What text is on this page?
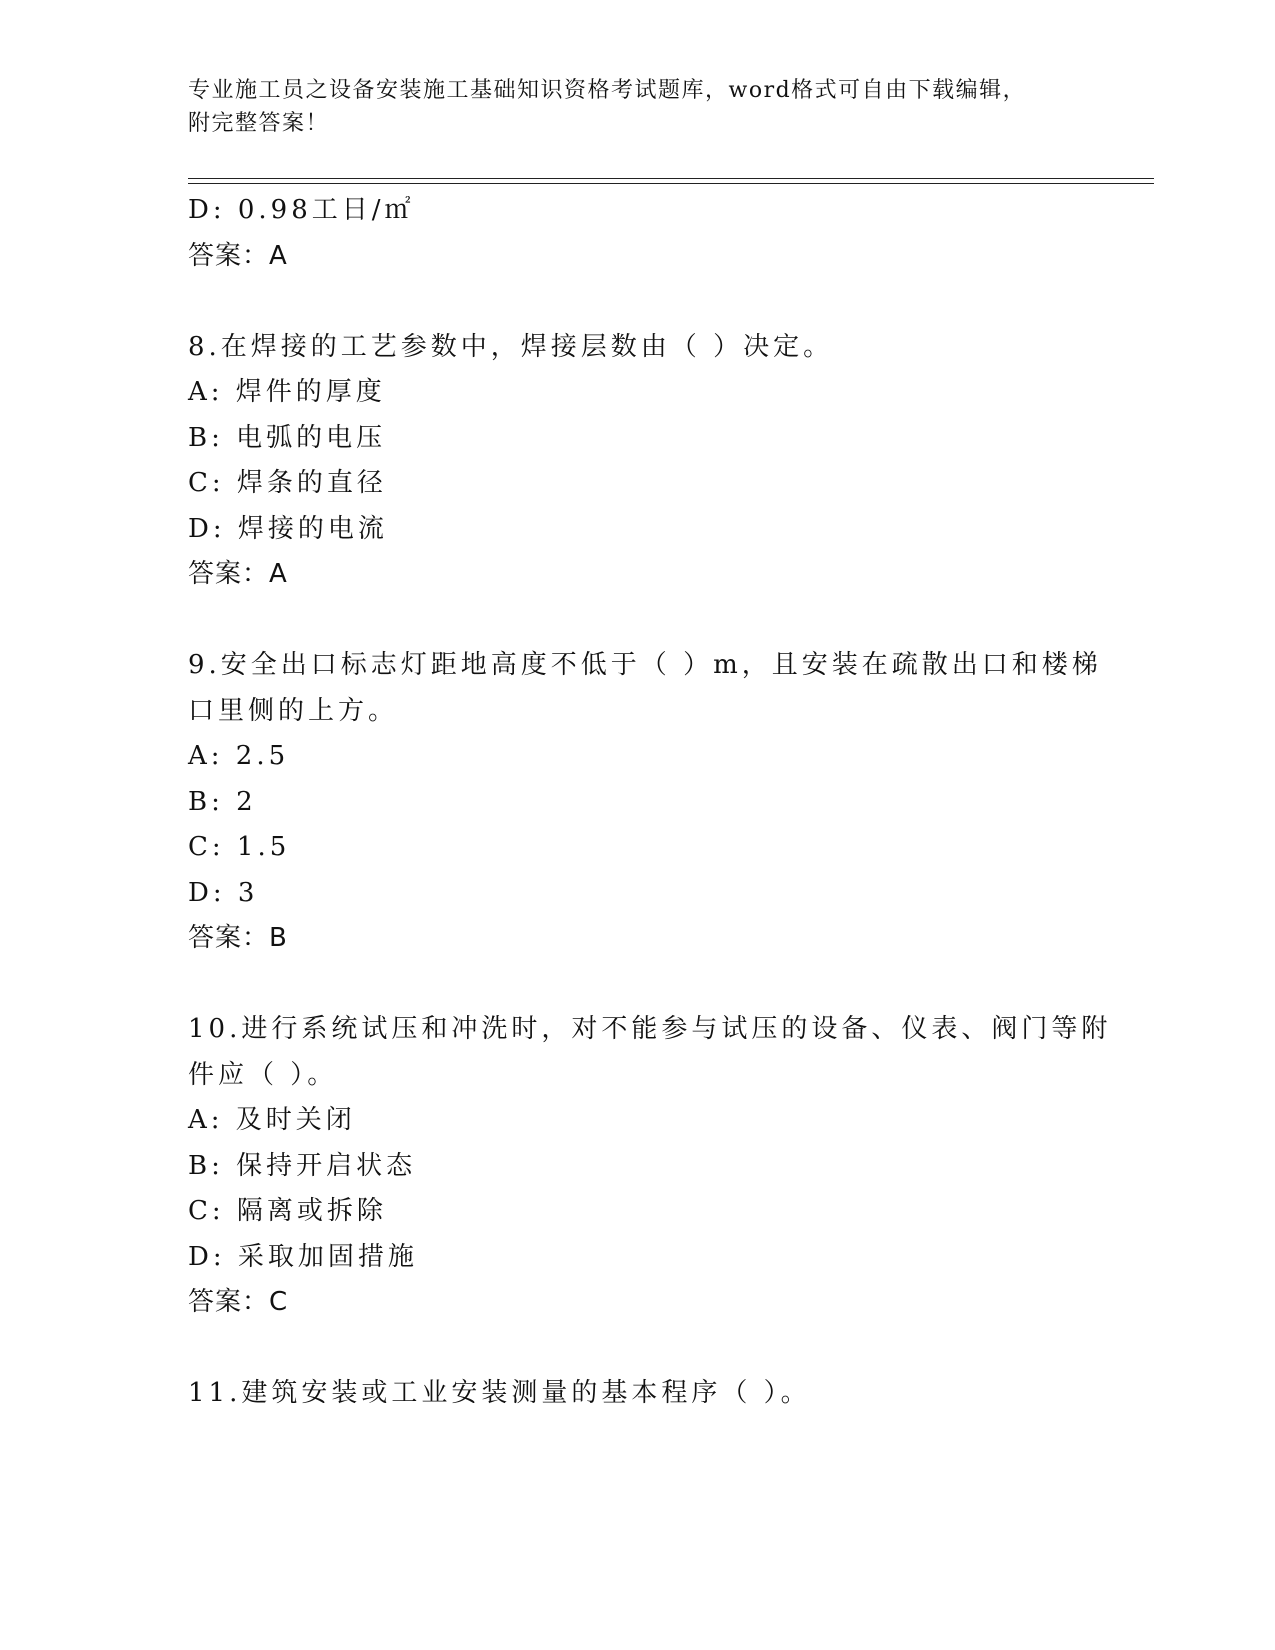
专业施工员之设备安装施工基础知识资格考试题库，word格式可自由下载编辑，
附完整答案！
D: 0.98工日/㎡
答案：A
8.在焊接的工艺参数中，焊接层数由（ ）决定。
A: 焊件的厚度
B: 电弧的电压
C: 焊条的直径
D: 焊接的电流
答案：A
9.安全出口标志灯距地高度不低于（ ）m，且安装在疏散出口和楼梯
口里侧的上方。
A: 2.5
B: 2
C: 1.5
D: 3
答案：B
10.进行系统试压和冲洗时，对不能参与试压的设备、仪表、阀门等附
件应（ ）。
A: 及时关闭
B: 保持开启状态
C: 隔离或拆除
D: 采取加固措施
答案：C
11.建筑安装或工业安装测量的基本程序（ ）。
